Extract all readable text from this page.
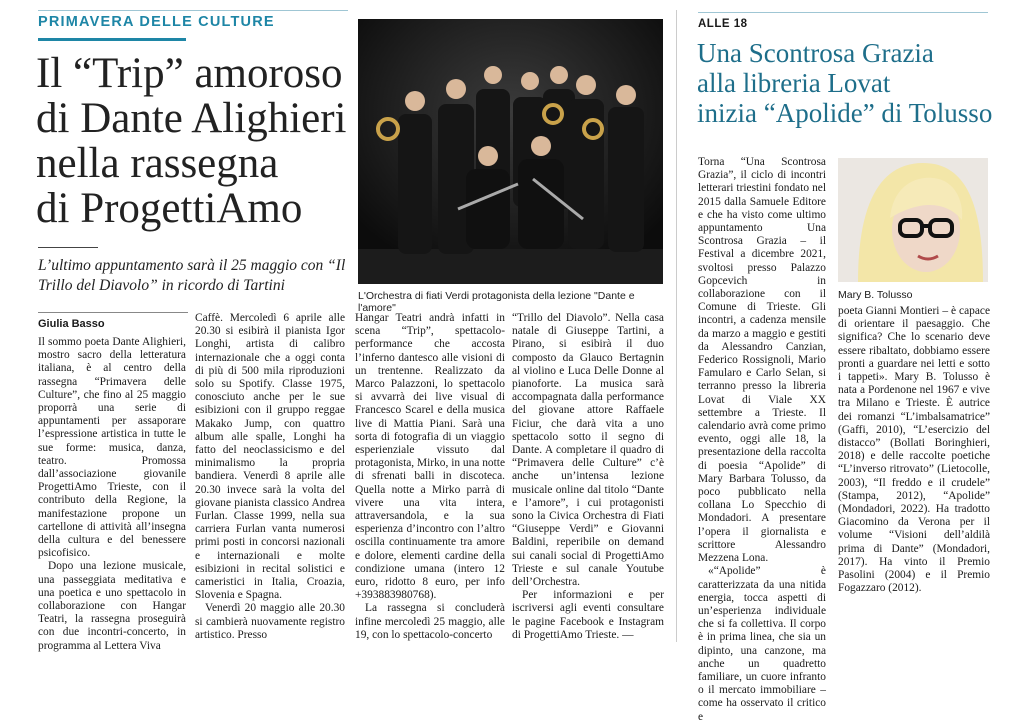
PRIMAVERA DELLE CULTURE
Il “Trip” amoroso
di Dante Alighieri
nella rassegna
di ProgettiAmo
L’ultimo appuntamento sarà il 25 maggio con “Il Trillo del Diavolo” in ricordo di Tartini
L'Orchestra di fiati Verdi protagonista della lezione "Dante e l'amore"
Giulia Basso

Il sommo poeta Dante Alighieri, mostro sacro della letteratura italiana, è al centro della rassegna “Primavera delle Culture”, che fino al 25 maggio proporrà una serie di appuntamenti per assaporare l’espressione artistica in tutte le sue forme: musica, danza, teatro. Promossa dall’associazione giovanile ProgettiAmo Trieste, con il contributo della Regione, la manifestazione propone un cartellone di attività all’insegna della cultura e del benessere psicofisico.

Dopo una lezione musicale, una passeggiata meditativa e una poetica e uno spettacolo in collaborazione con Hangar Teatri, la rassegna proseguirà con due incontri-concerto, in programma al Lettera Viva

Caffè. Mercoledì 6 aprile alle 20.30 si esibirà il pianista Igor Longhi, artista di calibro internazionale che a oggi conta di più di 500 mila riproduzioni solo su Spotify. Classe 1975, conosciuto anche per le sue esibizioni con il gruppo reggae Makako Jump, con quattro album alle spalle, Longhi ha fatto del neoclassicismo e del minimalismo la propria bandiera. Venerdì 8 aprile alle 20.30 invece sarà la volta del giovane pianista classico Andrea Furlan. Classe 1999, nella sua carriera Furlan vanta numerosi primi posti in concorsi nazionali e internazionali e molte esibizioni in recital solistici e cameristici in Italia, Croazia, Slovenia e Spagna.

Venerdì 20 maggio alle 20.30 si cambierà nuovamente registro artistico. Presso

Hangar Teatri andrà infatti in scena “Trip”, spettacolo-performance che accosta l’inferno dantesco alle visioni di un trentenne. Realizzato da Marco Palazzoni, lo spettacolo si avvarrà dei live visual di Francesco Scarel e della musica live di Mattia Piani. Sarà una sorta di fotografia di un viaggio esperienziale vissuto dal protagonista, Mirko, in una notte di sfrenati balli in discoteca. Quella notte a Mirko parrà di vivere una vita intera, attraversandola, e la sua esperienza d’incontro con l’altro oscilla continuamente tra amore e dolore, elementi cardine della condizione umana (intero 12 euro, ridotto 8 euro, per info +393883980768).

La rassegna si concluderà infine mercoledì 25 maggio, alle 19, con lo spettacolo-concerto

“Trillo del Diavolo”. Nella casa natale di Giuseppe Tartini, a Pirano, si esibirà il duo composto da Glauco Bertagnin al violino e Luca Delle Donne al pianoforte. La musica sarà accompagnata dalla performance del giovane attore Raffaele Ficiur, che darà vita a uno spettacolo sotto il segno di Dante. A completare il quadro di “Primavera delle Culture” c’è anche un’intensa lezione musicale online dal titolo “Dante e l’amore”, i cui protagonisti sono la Civica Orchestra di Fiati “Giuseppe Verdi” e Giovanni Baldini, reperibile on demand sui canali social di ProgettiAmo Trieste e sul canale Youtube dell’Orchestra.

Per informazioni e per iscriversi agli eventi consultare le pagine Facebook e Instagram di ProgettiAmo Trieste. —

ALLE 18
Una Scontrosa Grazia
alla libreria Lovat
inizia “Apolide” di Tolusso

Torna “Una Scontrosa Grazia”, il ciclo di incontri letterari triestini fondato nel 2015 dalla Samuele Editore e che ha visto come ultimo appuntamento Una Scontrosa Grazia – il Festival a dicembre 2021, svoltosi presso Palazzo Gopcevich in collaborazione con il Comune di Trieste. Gli incontri, a cadenza mensile da marzo a maggio e gestiti da Alessandro Canzian, Federico Rossignoli, Mario Famularo e Carlo Selan, si terranno presso la libreria Lovat di Viale XX settembre a Trieste. Il calendario avrà come primo evento, oggi alle 18, la presentazione della raccolta di poesia “Apolide” di Mary Barbara Tolusso, da poco pubblicato nella collana Lo Specchio di Mondadori. A presentare l’opera il giornalista e scrittore Alessandro Mezzena Lona.

«“Apolide” è caratterizzata da una nitida energia, tocca aspetti di un’esperienza individuale che si fa collettiva. Il corpo è in prima linea, che sia un dipinto, una canzone, ma anche un quadretto familiare, un cuore infranto o il mercato immobiliare – come ha osservato il critico e

Mary B. Tolusso

poeta Gianni Montieri – è capace di orientare il paesaggio. Che significa? Che lo scenario deve essere ribaltato, dobbiamo essere pronti a guardare nei letti e sotto i tappeti». Mary B. Tolusso è nata a Pordenone nel 1967 e vive tra Milano e Trieste. È autrice dei romanzi “L’imbalsamatrice” (Gaffi, 2010), “L’esercizio del distacco” (Bollati Boringhieri, 2018) e delle raccolte poetiche “L’inverso ritrovato” (Lietocolle, 2003), “Il freddo e il crudele” (Stampa, 2012), “Apolide” (Mondadori, 2022). Ha tradotto Giacomino da Verona per il volume “Visioni dell’aldilà prima di Dante” (Mondadori, 2017). Ha vinto il Premio Pasolini (2004) e il Premio Fogazzaro (2012).
